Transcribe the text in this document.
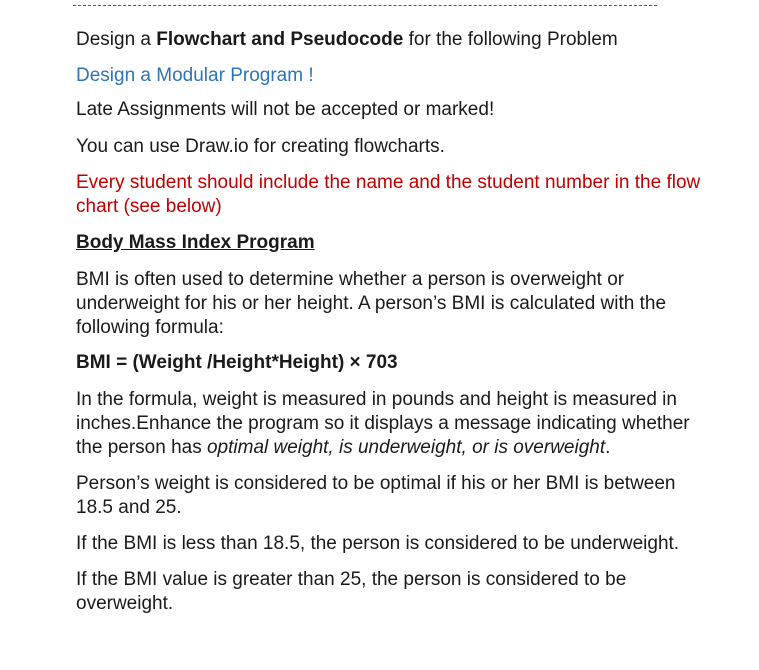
Design a Flowchart and Pseudocode for the following Problem

Design a Modular Program !

Late Assignments will not be accepted or marked!

You can use Draw.io for creating flowcharts.

Every student should include the name and the student number in the flow

chart (see below)

Body Mass Index Program

BMI is often used to determine whether a person is overweight or

underweight for his or her height. A person’s BMI is calculated with the

following formula:

BMI = (Weight /Height*Height) × 703

In the formula, weight is measured in pounds and height is measured in

inches.Enhance the program so it displays a message indicating whether

the person has optimal weight, is underweight, or is overweight.

Person’s weight is considered to be optimal if his or her BMI is between

18.5 and 25.

If the BMI is less than 18.5, the person is considered to be underweight.

If the BMI value is greater than 25, the person is considered to be

overweight.
